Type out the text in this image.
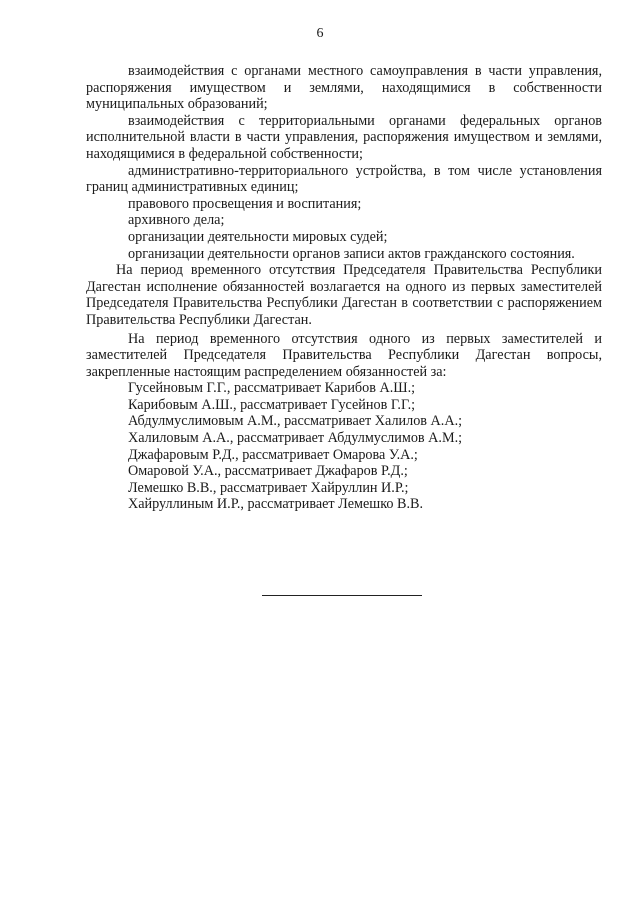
6

взаимодействия с органами местного самоуправления в части управления, распоряжения имуществом и землями, находящимися в собственности муниципальных образований;

взаимодействия с территориальными органами федеральных органов исполнительной власти в части управления, распоряжения имуществом и землями, находящимися в федеральной собственности;

административно-территориального устройства, в том числе установления границ административных единиц;

правового просвещения и воспитания;

архивного дела;

организации деятельности мировых судей;

организации деятельности органов записи актов гражданского состояния.

На период временного отсутствия Председателя Правительства Республики Дагестан исполнение обязанностей возлагается на одного из первых заместителей Председателя Правительства Республики Дагестан в соответствии с распоряжением Правительства Республики Дагестан.

На период временного отсутствия одного из первых заместителей и заместителей Председателя Правительства Республики Дагестан вопросы, закрепленные настоящим распределением обязанностей за:

Гусейновым Г.Г., рассматривает Карибов А.Ш.;

Карибовым А.Ш., рассматривает Гусейнов Г.Г.;

Абдулмуслимовым А.М., рассматривает Халилов А.А.;

Халиловым А.А., рассматривает Абдулмуслимов А.М.;

Джафаровым Р.Д., рассматривает Омарова У.А.;

Омаровой У.А., рассматривает Джафаров Р.Д.;

Лемешко В.В., рассматривает Хайруллин И.Р.;

Хайруллиным И.Р., рассматривает Лемешко В.В.
